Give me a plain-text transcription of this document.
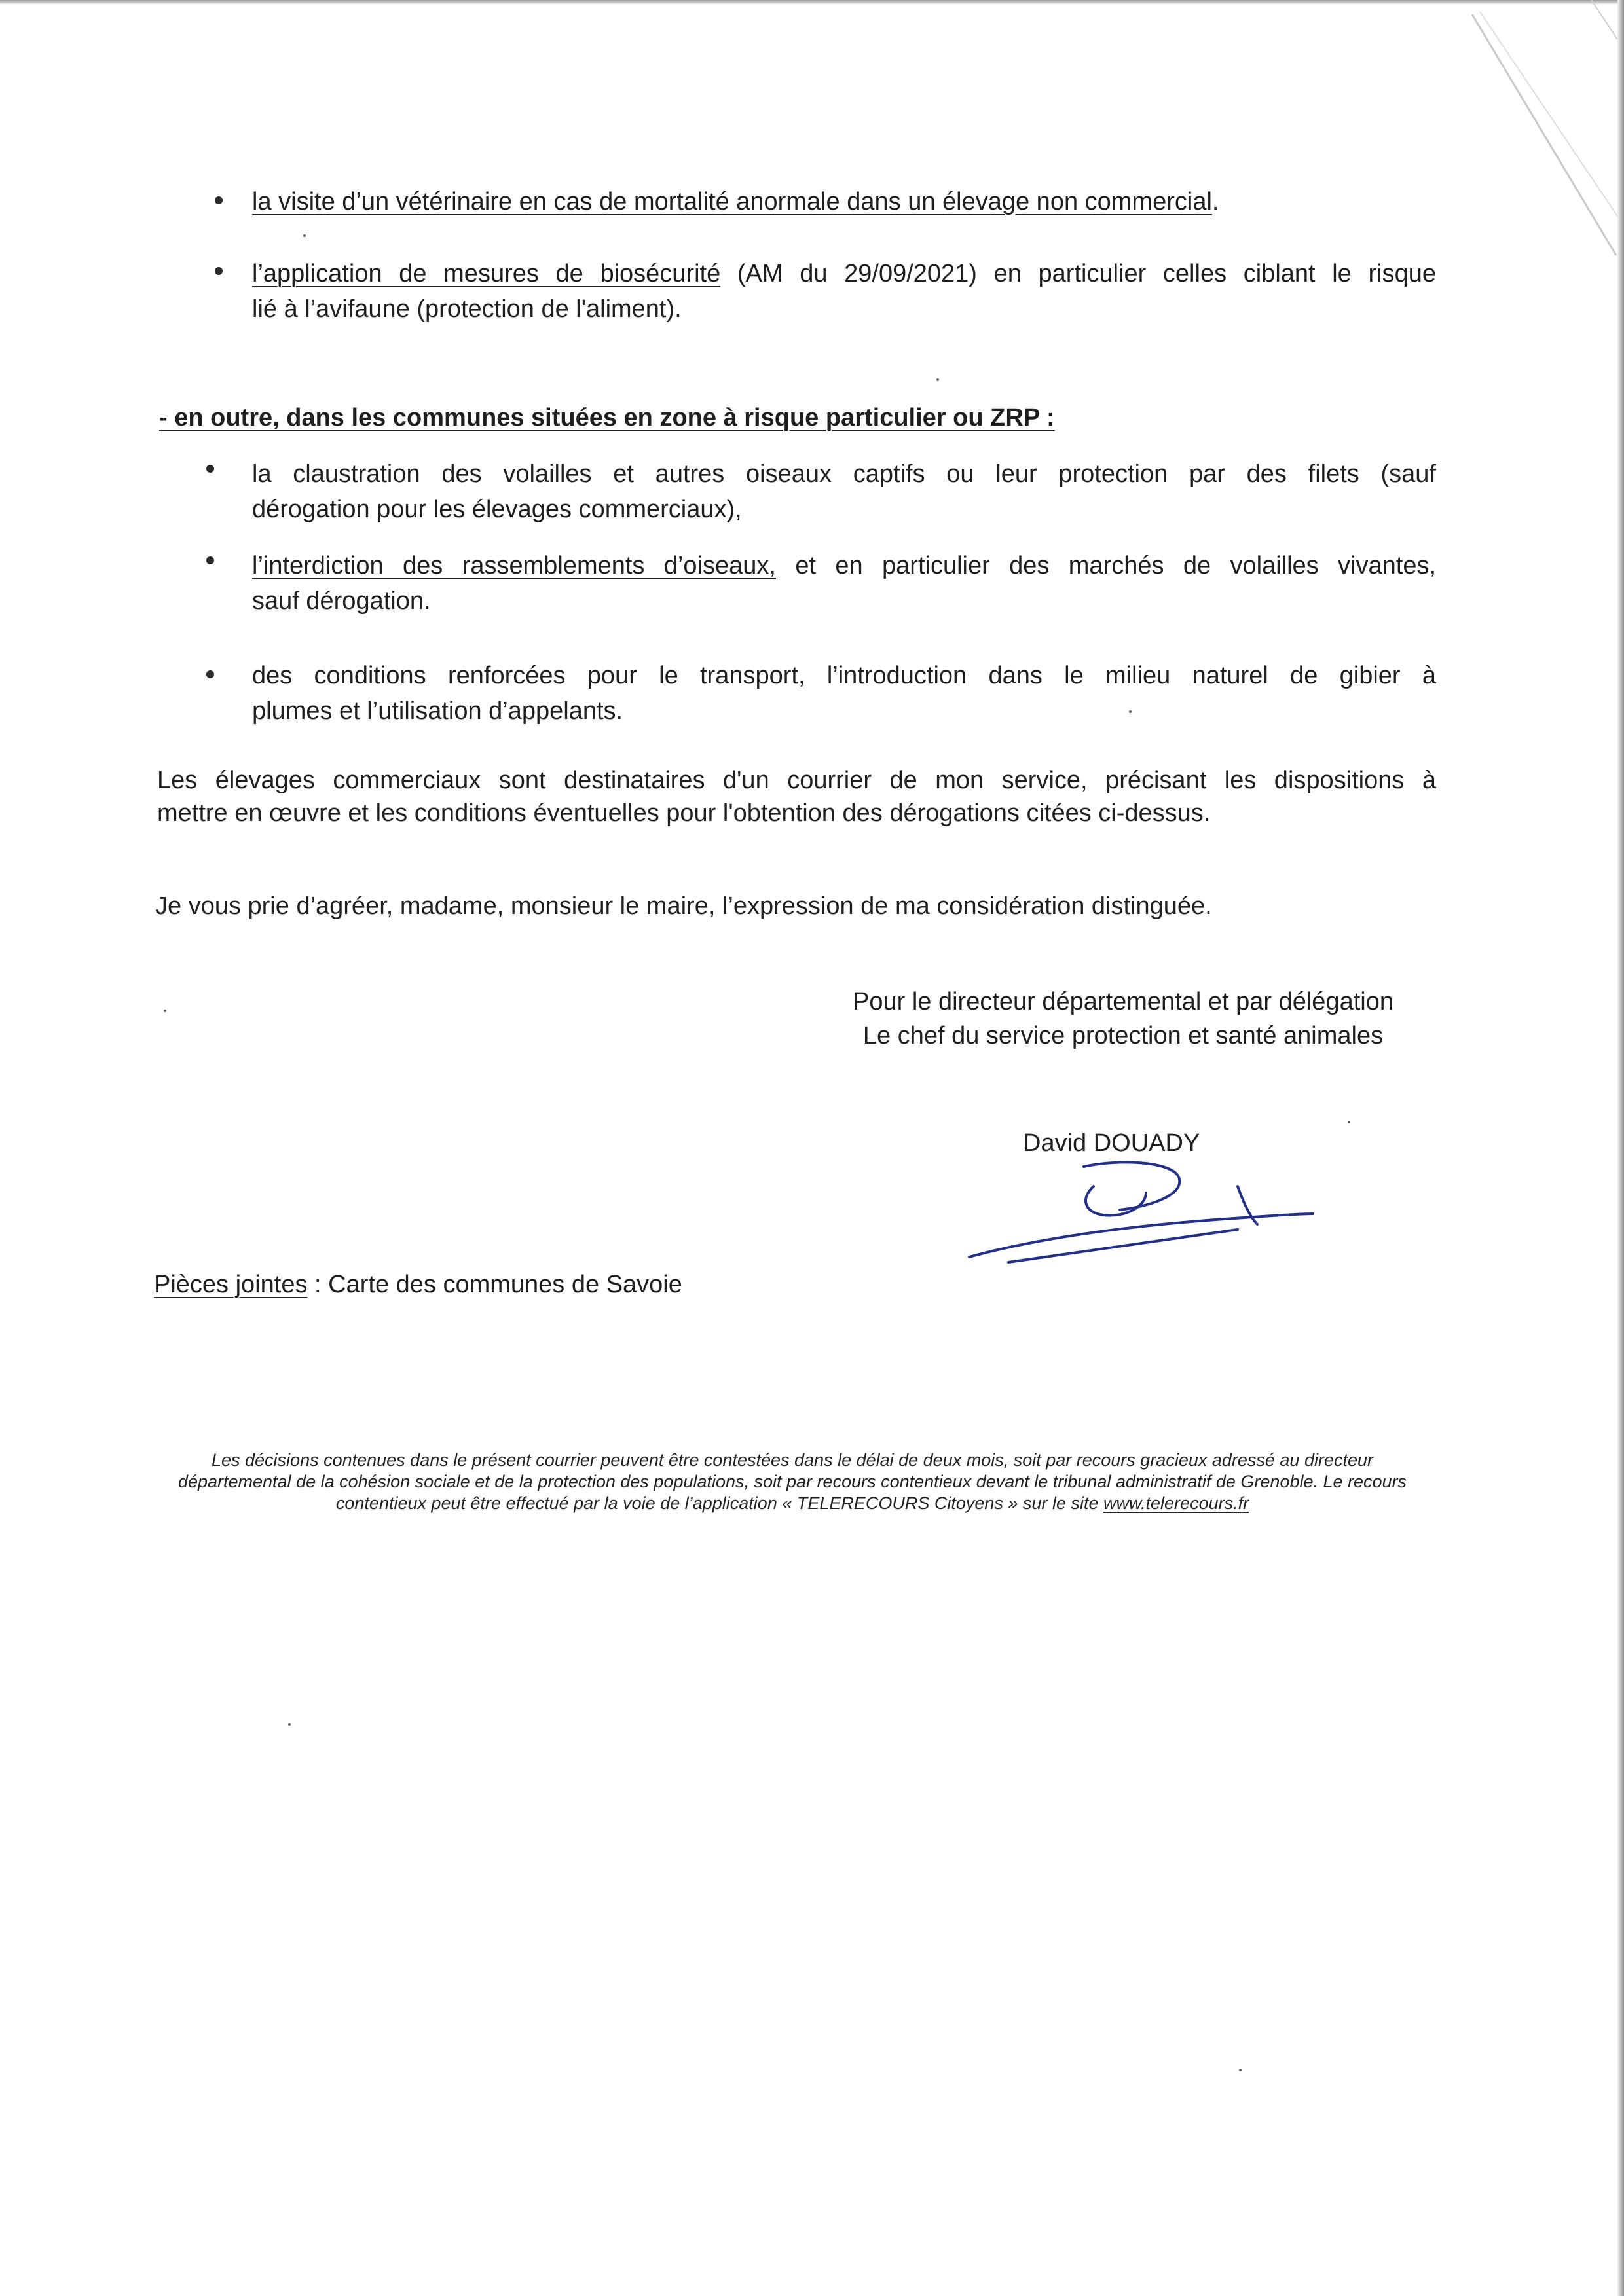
la visite d’un vétérinaire en cas de mortalité anormale dans un élevage non commercial.
l’application de mesures de biosécurité (AM du 29/09/2021) en particulier celles ciblant le risque
lié à l’avifaune (protection de l'aliment).
- en outre, dans les communes situées en zone à risque particulier ou ZRP :
la claustration des volailles et autres oiseaux captifs ou leur protection par des filets (sauf
dérogation pour les élevages commerciaux),
l’interdiction des rassemblements d’oiseaux, et en particulier des marchés de volailles vivantes,
sauf dérogation.
des conditions renforcées pour le transport, l’introduction dans le milieu naturel de gibier à
plumes et l’utilisation d’appelants.
Les élevages commerciaux sont destinataires d'un courrier de mon service, précisant les dispositions à
mettre en œuvre et les conditions éventuelles pour l'obtention des dérogations citées ci-dessus.
Je vous prie d’agréer, madame, monsieur le maire, l’expression de ma considération distinguée.
Pour le directeur départemental et par délégation
Le chef du service protection et santé animales
David DOUADY
Pièces jointes : Carte des communes de Savoie
Les décisions contenues dans le présent courrier peuvent être contestées dans le délai de deux mois, soit par recours gracieux adressé au directeur
départemental de la cohésion sociale et de la protection des populations, soit par recours contentieux devant le tribunal administratif de Grenoble. Le recours
contentieux peut être effectué par la voie de l’application « TELERECOURS Citoyens » sur le site www.telerecours.fr
